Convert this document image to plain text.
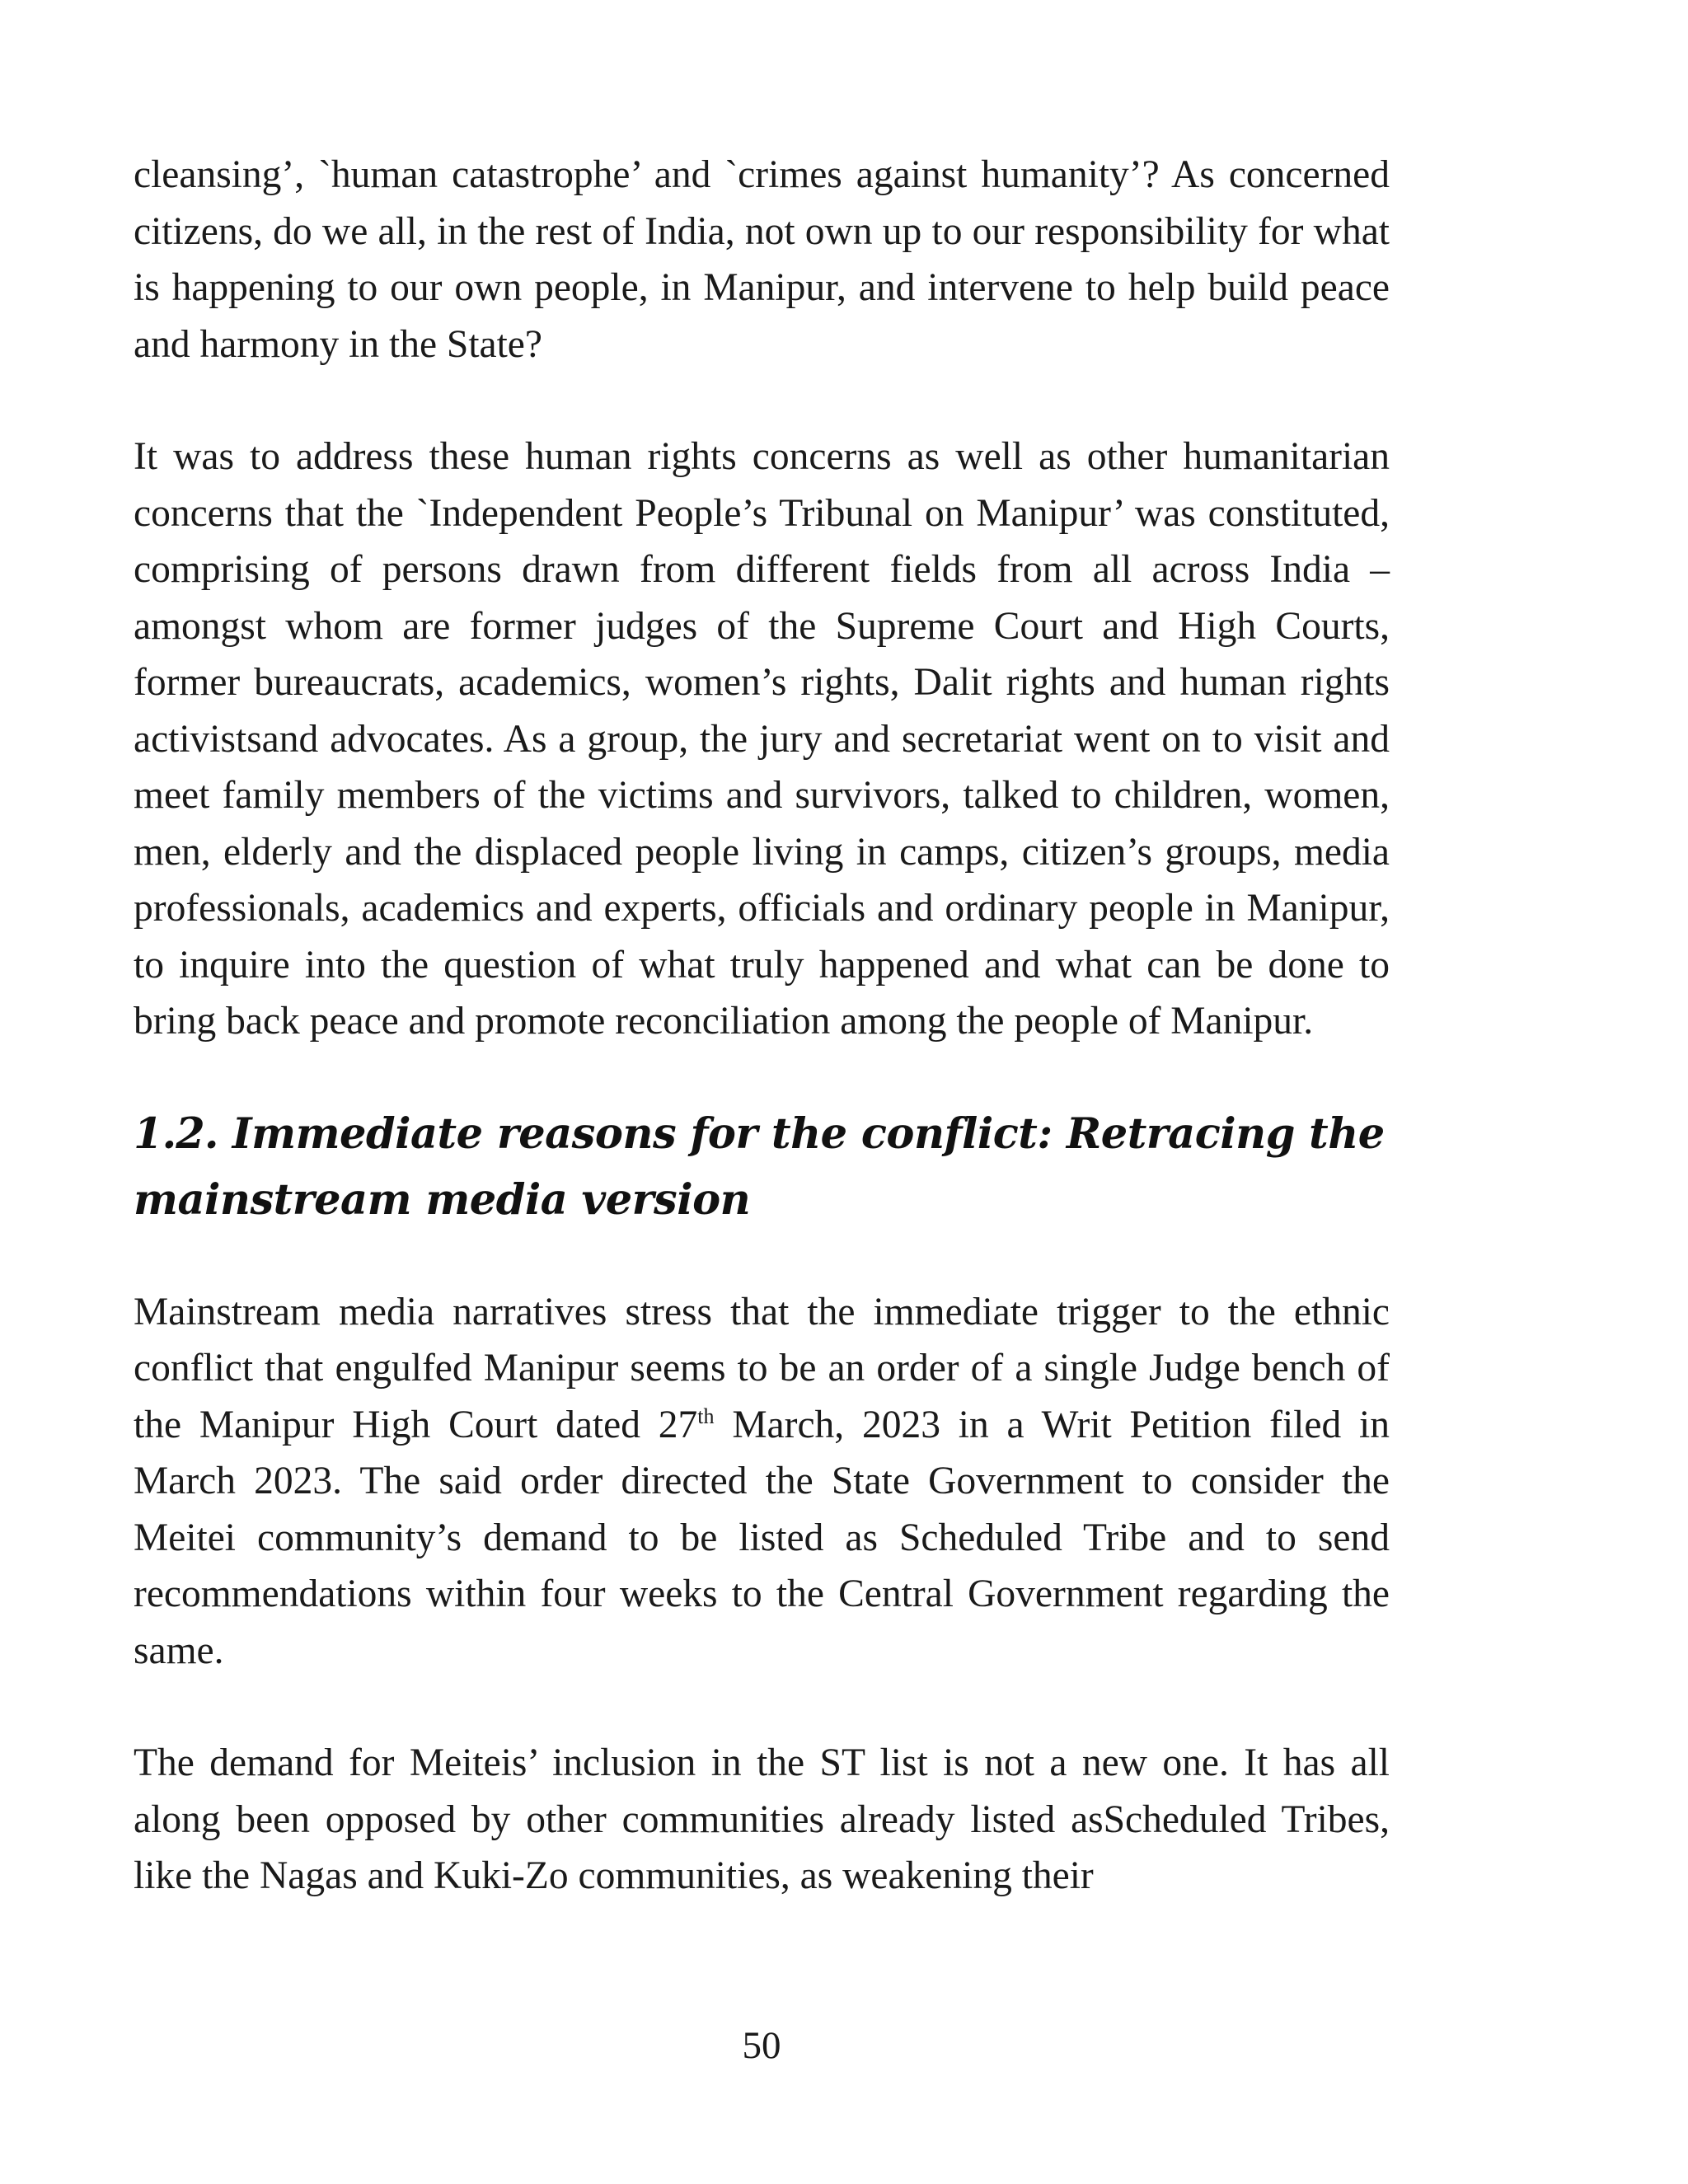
cleansing’, `human catastrophe’ and `crimes against humanity’? As concerned citizens, do we all, in the rest of India, not own up to our responsibility for what is happening to our own people, in Manipur, and intervene to help build peace and harmony in the State?

It was to address these human rights concerns as well as other humanitarian concerns that the `Independent People’s Tribunal on Manipur’ was constituted, comprising of persons drawn from different fields from all across India – amongst whom are former judges of the Supreme Court and High Courts, former bureaucrats, academics, women’s rights, Dalit rights and human rights activistsand advocates. As a group, the jury and secretariat went on to visit and meet family members of the victims and survivors, talked to children, women, men, elderly and the displaced people living in camps, citizen’s groups, media professionals, academics and experts, officials and ordinary people in Manipur, to inquire into the question of what truly happened and what can be done to bring back peace and promote reconciliation among the people of Manipur.

1.2. Immediate reasons for the conflict: Retracing the mainstream media version

Mainstream media narratives stress that the immediate trigger to the ethnic conflict that engulfed Manipur seems to be an order of a single Judge bench of the Manipur High Court dated 27th March, 2023 in a Writ Petition filed in March 2023. The said order directed the State Government to consider the Meitei community’s demand to be listed as Scheduled Tribe and to send recommendations within four weeks to the Central Government regarding the same.

The demand for Meiteis’ inclusion in the ST list is not a new one. It has all along been opposed by other communities already listed asScheduled Tribes, like the Nagas and Kuki-Zo communities, as weakening their

50
